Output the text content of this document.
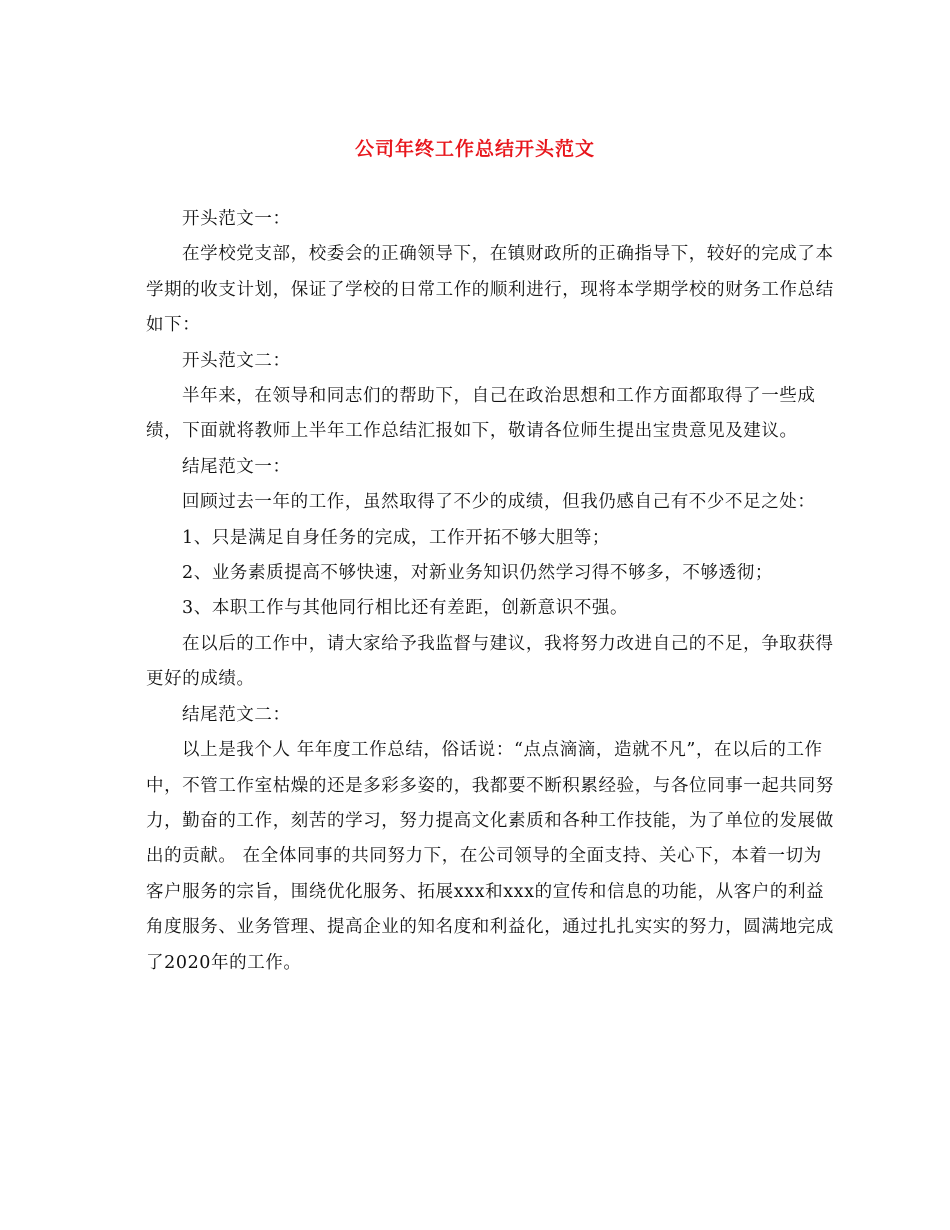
公司年终工作总结开头范文

开头范文一：

在学校党支部，校委会的正确领导下，在镇财政所的正确指导下，较好的完成了本学期的收支计划，保证了学校的日常工作的顺利进行，现将本学期学校的财务工作总结如下：

开头范文二：

半年来，在领导和同志们的帮助下，自己在政治思想和工作方面都取得了一些成绩，下面就将教师上半年工作总结汇报如下，敬请各位师生提出宝贵意见及建议。

结尾范文一：

回顾过去一年的工作，虽然取得了不少的成绩，但我仍感自己有不少不足之处：

1、只是满足自身任务的完成，工作开拓不够大胆等；

2、业务素质提高不够快速，对新业务知识仍然学习得不够多，不够透彻；

3、本职工作与其他同行相比还有差距，创新意识不强。

在以后的工作中，请大家给予我监督与建议，我将努力改进自己的不足，争取获得更好的成绩。

结尾范文二：

以上是我个人 年年度工作总结，俗话说：“点点滴滴，造就不凡”，在以后的工作中，不管工作室枯燥的还是多彩多姿的，我都要不断积累经验，与各位同事一起共同努力，勤奋的工作，刻苦的学习，努力提高文化素质和各种工作技能，为了单位的发展做出的贡献。 在全体同事的共同努力下，在公司领导的全面支持、关心下，本着一切为客户服务的宗旨，围绕优化服务、拓展xxx和xxx的宣传和信息的功能，从客户的利益角度服务、业务管理、提高企业的知名度和利益化，通过扎扎实实的努力，圆满地完成了2020年的工作。
